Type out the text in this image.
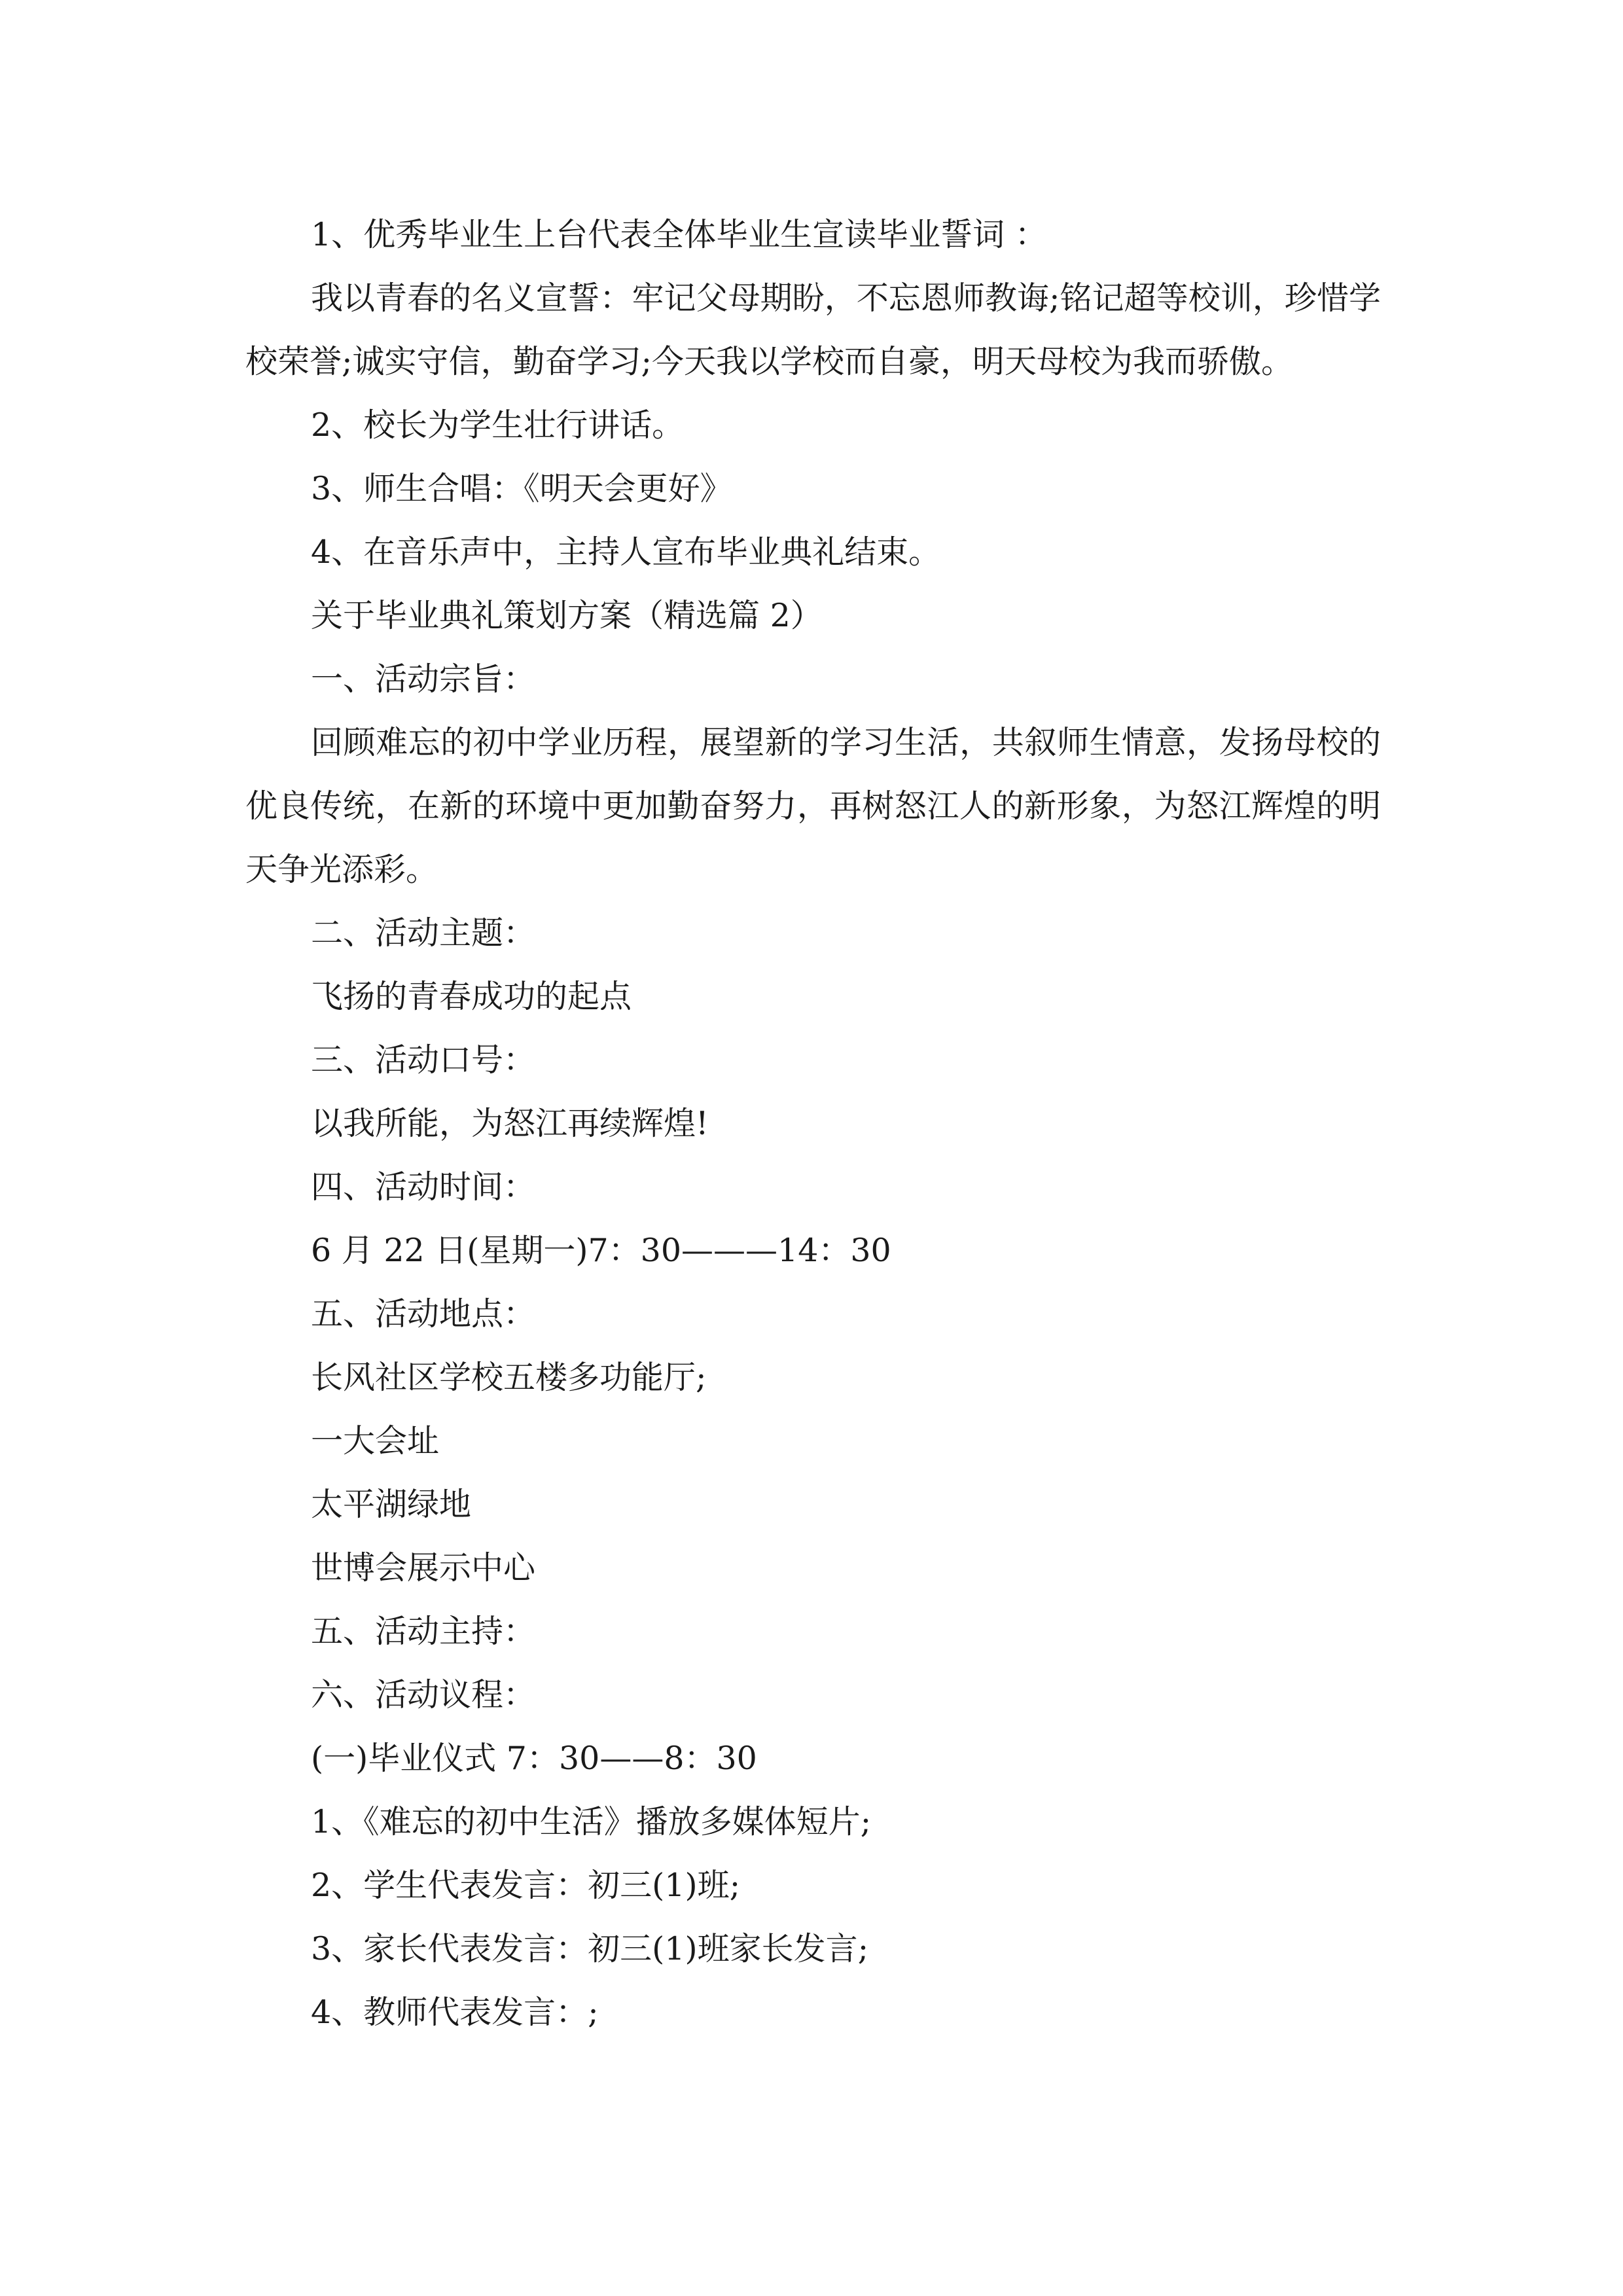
1、优秀毕业生上台代表全体毕业生宣读毕业誓词 ：
我以青春的名义宣誓：牢记父母期盼，不忘恩师教诲;铭记超等校训，珍惜学校荣誉;诚实守信，勤奋学习;今天我以学校而自豪，明天母校为我而骄傲。
2、校长为学生壮行讲话。
3、师生合唱：《明天会更好》
4、在音乐声中，主持人宣布毕业典礼结束。
关于毕业典礼策划方案（精选篇 2）
一、活动宗旨：
回顾难忘的初中学业历程，展望新的学习生活，共叙师生情意，发扬母校的优良传统，在新的环境中更加勤奋努力，再树怒江人的新形象，为怒江辉煌的明天争光添彩。
二、活动主题：
飞扬的青春成功的起点
三、活动口号：
以我所能，为怒江再续辉煌!
四、活动时间：
6 月 22 日(星期一)7：30———14：30
五、活动地点：
长风社区学校五楼多功能厅;
一大会址
太平湖绿地
世博会展示中心
五、活动主持：
六、活动议程：
(一)毕业仪式 7：30——8：30
1、《难忘的初中生活》播放多媒体短片;
2、学生代表发言：初三(1)班;
3、家长代表发言：初三(1)班家长发言;
4、教师代表发言：;
